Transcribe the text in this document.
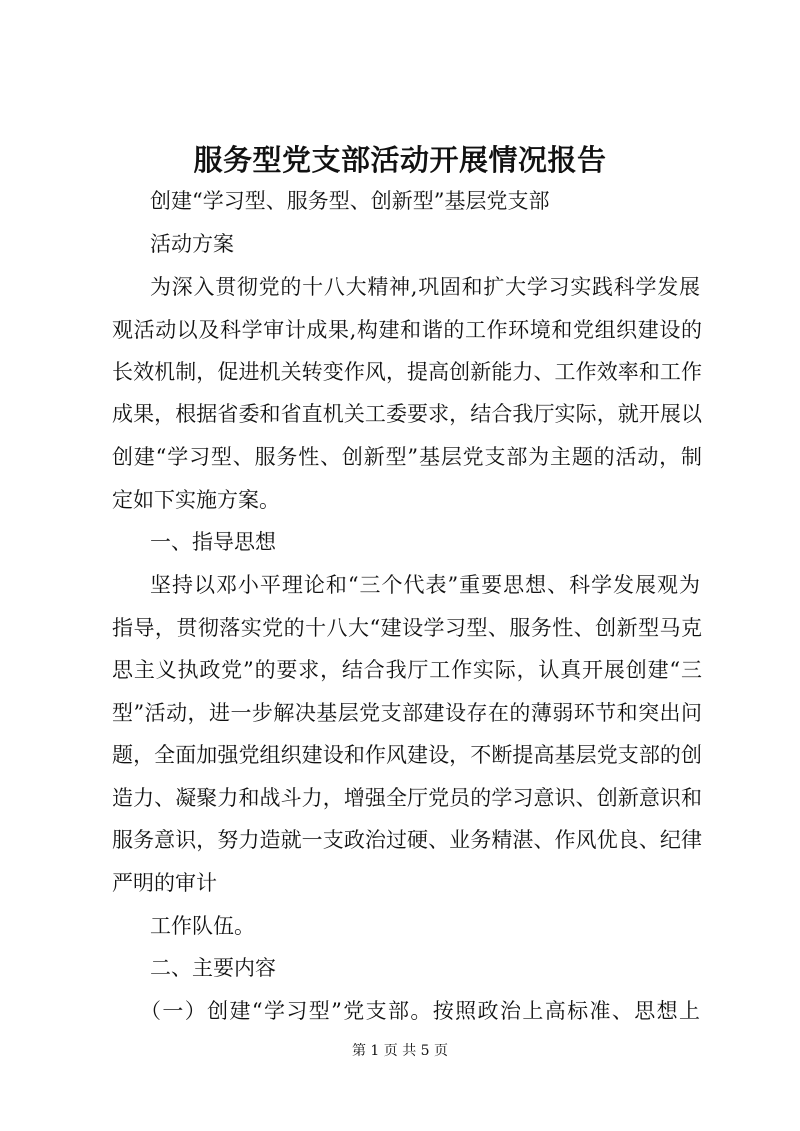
服务型党支部活动开展情况报告
创建“学习型、服务型、创新型”基层党支部
活动方案
为深入贯彻党的十八大精神,巩固和扩大学习实践科学发展
观活动以及科学审计成果,构建和谐的工作环境和党组织建设的
长效机制，促进机关转变作风，提高创新能力、工作效率和工作
成果，根据省委和省直机关工委要求，结合我厅实际，就开展以
创建“学习型、服务性、创新型”基层党支部为主题的活动，制
定如下实施方案。
一、指导思想
坚持以邓小平理论和“三个代表”重要思想、科学发展观为
指导，贯彻落实党的十八大“建设学习型、服务性、创新型马克
思主义执政党”的要求，结合我厅工作实际，认真开展创建“三
型”活动，进一步解决基层党支部建设存在的薄弱环节和突出问
题，全面加强党组织建设和作风建设，不断提高基层党支部的创
造力、凝聚力和战斗力，增强全厅党员的学习意识、创新意识和
服务意识，努力造就一支政治过硬、业务精湛、作风优良、纪律
严明的审计
工作队伍。
二、主要内容
（一）创建“学习型”党支部。按照政治上高标准、思想上
第 1 页 共 5 页
